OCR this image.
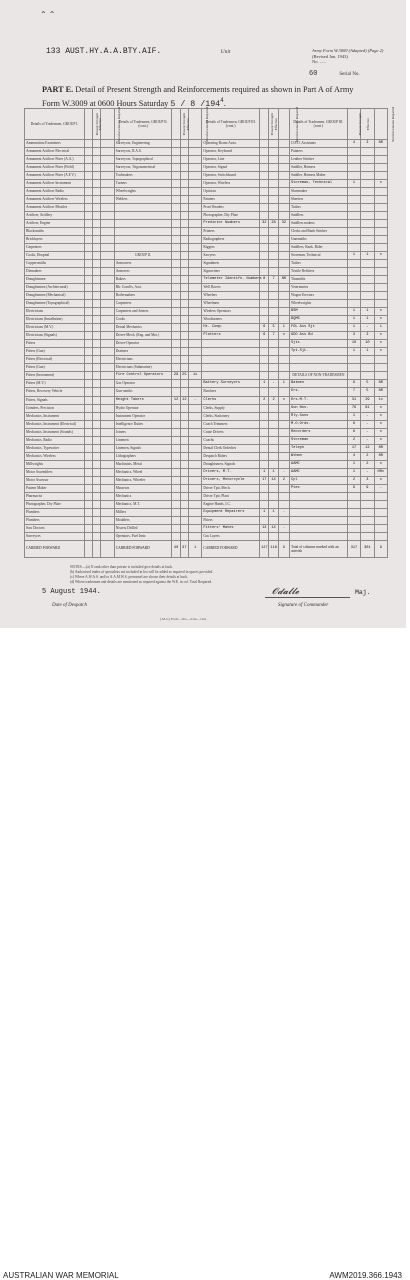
⌃ ⌃
133 AUST.HY.A.A.BTY.AIF.	Unit	Army Form W.3009 (Adapted) (Page 2)
(Revised Jan. 1943)
No. ......
60	Serial No.
PART E. Detail of Present Strength and Reinforcements required as shown in Part A of Army Form W.3009 at 0600 Hours Saturday 5 / 8 $/194^4$.
Details of Tradesmen, GROUP I.	Present Strength	Effective	Reinforcements Required	Details of Tradesmen, GROUP II. (cont.)	Present Strength	Effective	Reinforcements Required	Details of Tradesmen, GROUP III. (cont.)	Present Strength	Effective	Reinforcements Required	Details of Tradesmen, GROUP III. (cont.)	Present Strength	Effective	Reinforcements Required
Ammunition Examiners				Surveyors, Engineering				Operating Room Assts.				O.P.O. Assistants	4	3	NR
Armament Artificer Electrical				Surveyors, R.A.S.				Operator, Keyboard				Painters			
Armament Artificer Fitter (A.A.)				Surveyors, Topographical				Operator, Line				Leather Stitcher			
Armament Artificer Fitter (Field)				Surveyors, Trigonometrical				Operator, Signal				Saddler, Harness			
Armament Artificer Fitter (A.F.V.)				Toolmakers				Operator, Switchboard				Saddler, Harness Maker			
Armament Artificer Instrument				Turners				Operator, Wireless				Storeman, Technical	1		x
Armament Artificer Radio				Wheelwrights				Optician				Shoemaker			
Armament Artificer Wireless				Welders				Painters				Sheeters			
Armament Artificer Missiles								Proof Readers				Tailors			
Artificer, Artillery								Photographer, Dry Plate				Saddlers			
Artificer, Engine								Predictor Numbers	32	28	32	Saddlers makers			
Blacksmiths								Printers				Clerks and Rank Stitcher			
Bricklayers								Radiographers				Gunsmiths			
Carpenters								Riggers				Saddlers, Rank. Rider			
Cooks, Hospital				GROUP II.				Sawyers				Storeman, Technical	1	1	x
Coppersmiths				Armourers				Signalmen				Tailors			
Diemakers				Armorers				Signwriters				Textile Refitters			
Draughtsmen				Bakers				Telemeter Identifn. Numbers	8	7	NR	Tinsmiths			
Draughtsmen (Architectural)				Blr. Cond'rs, Asst.				Well Borers				Veterinaries			
Draughtsmen (Mechanical)				Boilermakers				Wheelers				Wagon Erectors			
Draughtsmen (Topographical)				Carpenters				Wheelmen				Wheelwrights			
Electricians				Carpenters and Joiners				Wireless Operators				BSM	1	1	x
Electricians (Installation)				Cooks				Woodturners				BQMS	1	1	x
Electricians (M.V.)				Dental Mechanics				Ht. Comp.	6	5	1	FOL Ass Sjt	1	-	1
Electricians (Signals)				Driver-Mech. (Eng. and Mot.)				Plotters	6	7	x	GDO Ass Bd	3	3	x
Fitters				Driver-Operator								Sjts	10	10	x
Fitters (Gun)				Drainers								Tpt.Sjt.	1	1	x
Fitters (Electrical)				Electricians											
Fitters (Gun)				Electricians (Submarine)											
Fitters (Instrument)				Fire Control Operators	28	25	1x					DETAILS OF NON-TRADESMEN			
Fitters (M.V.)				Gas Operator				Battery Surveyors	1	-	1	Batmen	6	5	NR
Fitters, Recovery Vehicle				Gun-smiths				Butchers				Drs.	7	5	NR
Fitters, Signals				Height Takers	12	12	-	Clerks	2	2	x	Drs.M.T.	31	29	1x
Grinders, Precision				Hydro Operator				Clerks, Supply				Gun Nos.	76	81	x
Mechanics, Instrument				Instrument Operator				Clerks, Stationery				Rly.Guns	1	-	x
Mechanics, Instrument (Electrical)				Intelligence Duties				Coach Trimmers				M.O.Ords.	6	-	x
Mechanics, Instrument (Sounds)				Joiners				Crane Drivers				Recorders	6	-	x
Mechanics, Radio				Linemen				Coachs				Storeman	2	-	x
Mechanics, Typewriter				Linemen, Signals				Dental Clerk Orderlies				Teleph	17	12	NR
Mechanics, Wireless				Lithographers				Despatch Riders				Wthmn	4	2	NR
Millwrights				Machinists, Metal				Draughtsmen, Signals				AAMC	1	2	x
Motor Assemblers				Mechanics, Wheel				Drivers, M.T.	1	1	-	AAMC	1	-	NRx
Motor Assessor				Mechanics, Wheeler				Drivers, Motorcycle	17	14	2	Cpl	2	3	x
Pattern Maker				Masseurs				Driver Tptr, Mech.				Ptes	9	9	-
Pharmacist				Mechanics				Driver Tptr, Plant							
Photographer, Dry Plate				Mechanics, M.T.				Engine Hands, I.C.							
Plumbers				Millers				Equipment Repairers	1	1	-				
Plumbers				Moulders				Fitters							
Saw Doctors				Nissen, Drilled				Fitters' Mates	14	14	-				
Surveyors				Operators, Fuel Instr.				Gas Layers							
CARRIED FORWARD				CARRIED FORWARD	40	37	1	CARRIED FORWARD	127	118	9	Total of columns marked with an asterisk	317	301	9
NOTES.—(a) If rank other than private is included give details at back.
(b) Authorised trades of specialists not included in list will be added as required in spaces provided.
(c) Where A.W.A.S. and/or A.A.M.W.S. personnel are shown their details at back.
(d) Where tradesmen and details are mentioned as required against the W.E. in col. Total Required.
5 August 1944.
Date of Despatch
𝓞𝓭𝓪𝓵𝓵𝓮	Maj.
Signature of Commander
(.M.G) Form—OG—2/44—11m.
AUSTRALIAN WAR MEMORIAL	AWM2019.366.1943
